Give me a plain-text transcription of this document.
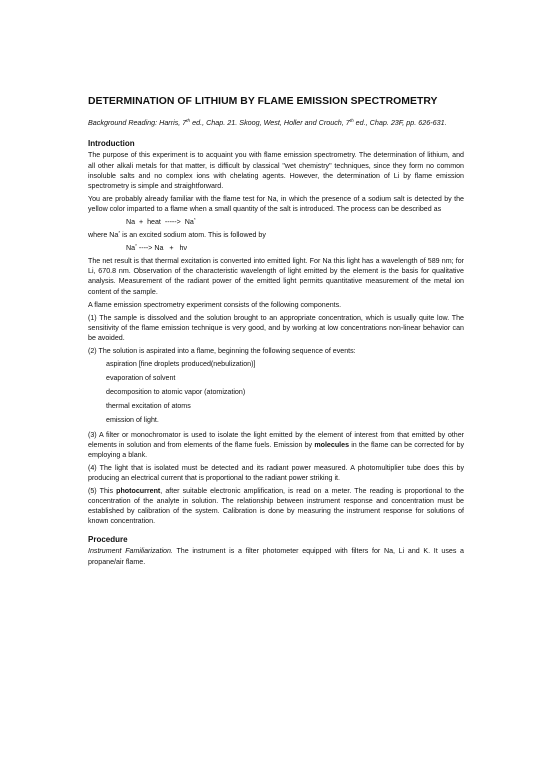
DETERMINATION OF LITHIUM BY FLAME EMISSION SPECTROMETRY
Background Reading: Harris, 7th ed., Chap. 21. Skoog, West, Holler and Crouch, 7th ed., Chap. 23F, pp. 626-631.
Introduction

The purpose of this experiment is to acquaint you with flame emission spectrometry. The determination of lithium, and all other alkali metals for that matter, is difficult by classical "wet chemistry" techniques, since they form no common insoluble salts and no complex ions with chelating agents. However, the determination of Li by flame emission spectrometry is simple and straightforward.

You are probably already familiar with the flame test for Na, in which the presence of a sodium salt is detected by the yellow color imparted to a flame when a small quantity of the salt is introduced. The process can be described as

Na  +  heat  ----->  Na*

where Na* is an excited sodium atom. This is followed by

Na* ----> Na   +   hν

The net result is that thermal excitation is converted into emitted light. For Na this light has a wavelength of 589 nm; for Li, 670.8 nm. Observation of the characteristic wavelength of light emitted by the element is the basis for qualitative analysis. Measurement of the radiant power of the emitted light permits quantitative measurement of the metal ion content of the sample.

A flame emission spectrometry experiment consists of the following components.

(1) The sample is dissolved and the solution brought to an appropriate concentration, which is usually quite low. The sensitivity of the flame emission technique is very good, and by working at low concentrations non-linear behavior can be avoided.

(2) The solution is aspirated into a flame, beginning the following sequence of events:

aspiration [fine droplets produced(nebulization)]
evaporation of solvent
decomposition to atomic vapor (atomization)
thermal excitation of atoms
emission of light.

(3) A filter or monochromator is used to isolate the light emitted by the element of interest from that emitted by other elements in solution and from elements of the flame fuels. Emission by molecules in the flame can be corrected for by employing a blank.

(4) The light that is isolated must be detected and its radiant power measured. A photomultiplier tube does this by producing an electrical current that is proportional to the radiant power striking it.

(5) This photocurrent, after suitable electronic amplification, is read on a meter. The reading is proportional to the concentration of the analyte in solution. The relationship between instrument response and concentration must be established by calibration of the system. Calibration is done by measuring the instrument response for solutions of known concentration.

Procedure

Instrument Familiarization. The instrument is a filter photometer equipped with filters for Na, Li and K. It uses a propane/air flame.
